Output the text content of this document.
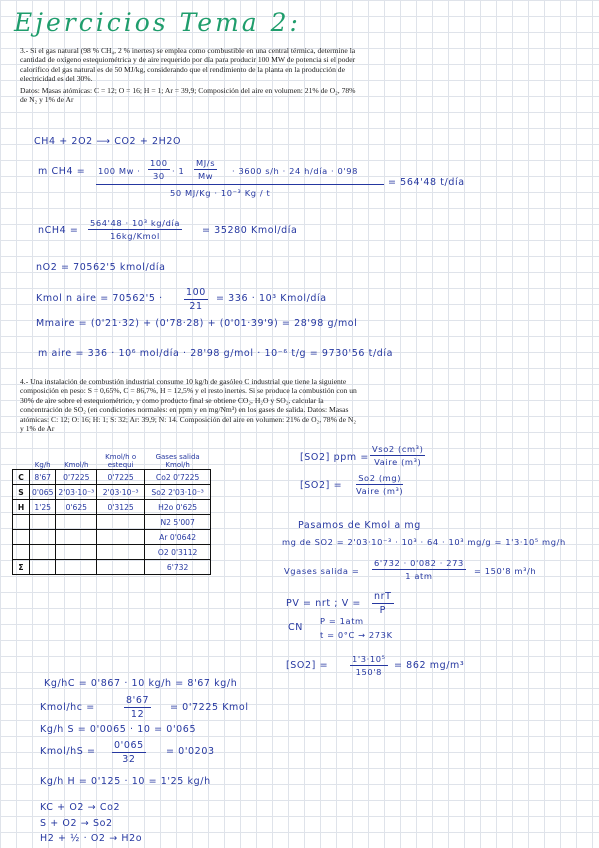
Ejercicios Tema 2:
3.- Si el gas natural (98 % CH₄, 2 % inertes) se emplea como combustible en una central térmica, determine la cantidad de oxígeno estequiométrica y de aire requerido por día para producir 100 MW de potencia si el poder calorífico del gas natural es de 50 MJ/kg, considerando que el rendimiento de la planta en la producción de electricidad es del 30%.
Datos: Masas atómicas: C = 12; O = 16; H = 1; Ar = 39,9; Composición del aire en volumen: 21% de O₂, 78% de N₂ y 1% de Ar
CH4 + 2O2 ⟶ CO2 + 2H2O
m CH4 = 100 $Mw \cdot \frac{100}{30} \cdot 1 \frac{MJ/s}{Mw} \cdot 3600$ s/h · 24 h/día · 0'98
50 MJ/Kg · 10⁻³ Kg / t
= 564'48 t/día
nCH4 =
564'48 · 10³ kg/día
16kg/Kmol	= 35280 Kmol/día
nO2 = 70562'5 kmol/día
Kmol n aire = $70562'5 \cdot \frac{100}{21} = 336 \cdot 10^3$ Kmol/día
Mmaire = (0'21·32) + (0'78·28) + (0'01·39'9) = 28'98 g/mol
m aire = 336 · 10⁶ mol/día · 28'98 g/mol · 10⁻⁶ t/g = 9730'56 t/día
4.- Una instalación de combustión industrial consume 10 kg/h de gasóleo C industrial que tiene la siguiente composición en peso: S = 0,65%, C = 86,7%, H = 12,5% y el resto inertes. Si se produce la combustión con un 30% de aire sobre el estequiométrico, y como producto final se obtiene CO₂, H₂O y SO₂, calcular la concentración de SO₂ (en condiciones normales: en ppm y en mg/Nm³) en los gases de salida. Datos: Masas atómicas: C: 12; O: 16; H: 1; S: 32; Ar: 39,9; N: 14. Composición del aire en volumen: 21% de O₂, 78% de N₂ y 1% de Ar
	Kg/h	Kmol/h	Kmol/h o estequi	Gases salida Kmol/h
C	8'67	0'7225	0'7225	Co2 0'7225
S	0'065	2'03·10⁻³	2'03·10⁻³	So2 2'03·10⁻³
H	1'25	0'625	0'3125	H2o 0'625
				N2 5'007
				Ar 0'0642
				O2 0'3112
Σ				6'732
[SO2] ppm =
Vso2 (cm³)
Vaire (m³)
[SO2] =
So2 (mg)
Vaire (m³)
Pasamos de Kmol a mg
mg de SO2 = 2'03·10⁻³ · 10³ · 64 · 10³ mg/g = 1'3·10⁵ mg/h
Vgases salida =
6'732 · 0'082 · 273
1 atm	= 150'8 m³/h
PV = nrt ; V =
nrT
P
CN
P = 1atm
t = 0°C → 273K
[SO2] =	$\frac{\text{1'3·10⁵}}{150'8} = 862$ mg/m³
Kg/hC = 0'867 · 10 kg/h = 8'67 kg/h
Kmol/hc =	$\frac{8'67}{12} = 0'7225$ Kmol
Kg/h S = 0'0065 · 10 = 0'065
Kmol/hS = $\frac{0'065}{32} = 0'0203$
Kg/h H = 0'125 · 10 = 1'25 kg/h
KC + O2 → Co2
S + O2 → So2
H2 + ½ · O2 → H2o
